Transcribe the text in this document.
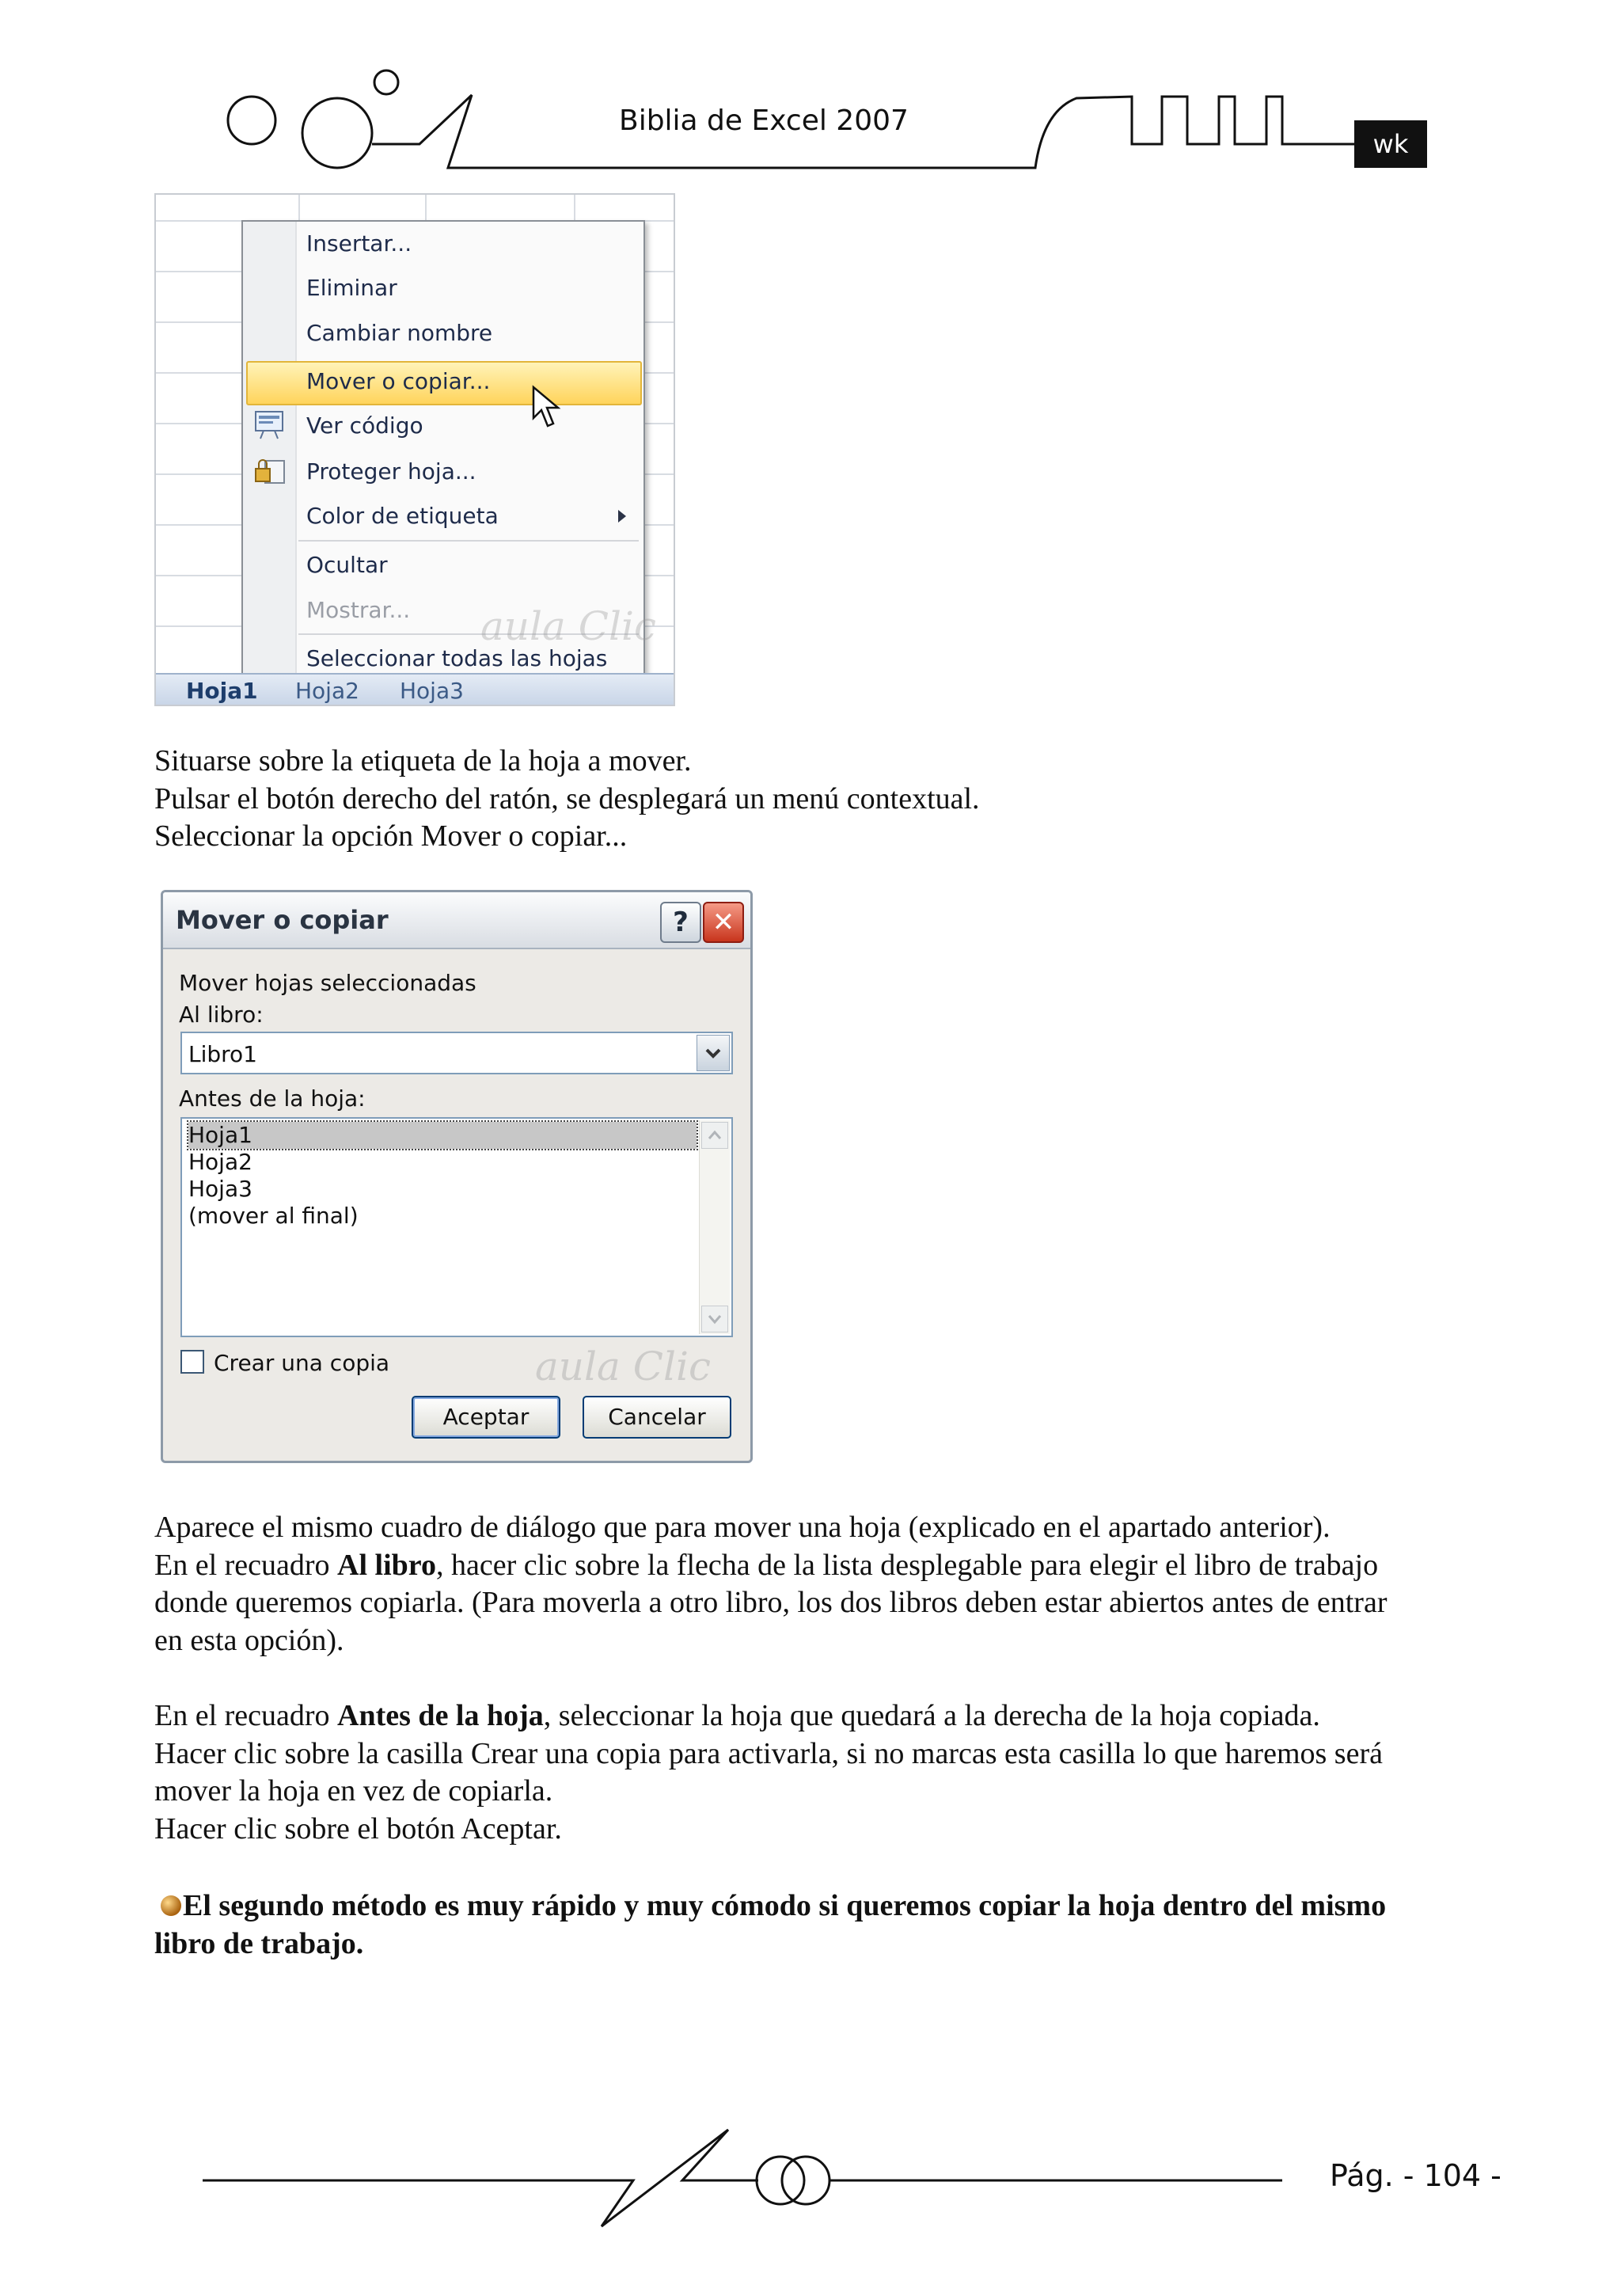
Biblia de Excel 2007
wk
Insertar...
Eliminar
Cambiar nombre
Mover o copiar...
Ver código
Proteger hoja...
Color de etiqueta
Ocultar
Mostrar...
Seleccionar todas las hojas
aula Clic
Hoja1 Hoja2 Hoja3
Situarse sobre la etiqueta de la hoja a mover.
Pulsar el botón derecho del ratón, se desplegará un menú contextual.
Seleccionar la opción Mover o copiar...
Mover o copiar	? ✕
Mover hojas seleccionadas
Al libro:
Libro1
Antes de la hoja:
Hoja1
Hoja2
Hoja3
(mover al final)
Crear una copia	aula Clic
Aceptar	Cancelar
Aparece el mismo cuadro de diálogo que para mover una hoja (explicado en el apartado anterior).
En el recuadro Al libro, hacer clic sobre la flecha de la lista desplegable para elegir el libro de trabajo
donde queremos copiarla. (Para moverla a otro libro, los dos libros deben estar abiertos antes de entrar
en esta opción).
En el recuadro Antes de la hoja, seleccionar la hoja que quedará a la derecha de la hoja copiada.
Hacer clic sobre la casilla Crear una copia para activarla, si no marcas esta casilla lo que haremos será
mover la hoja en vez de copiarla.
Hacer clic sobre el botón Aceptar.
El segundo método es muy rápido y muy cómodo si queremos copiar la hoja dentro del mismo
libro de trabajo.
Pág. - 104 -
